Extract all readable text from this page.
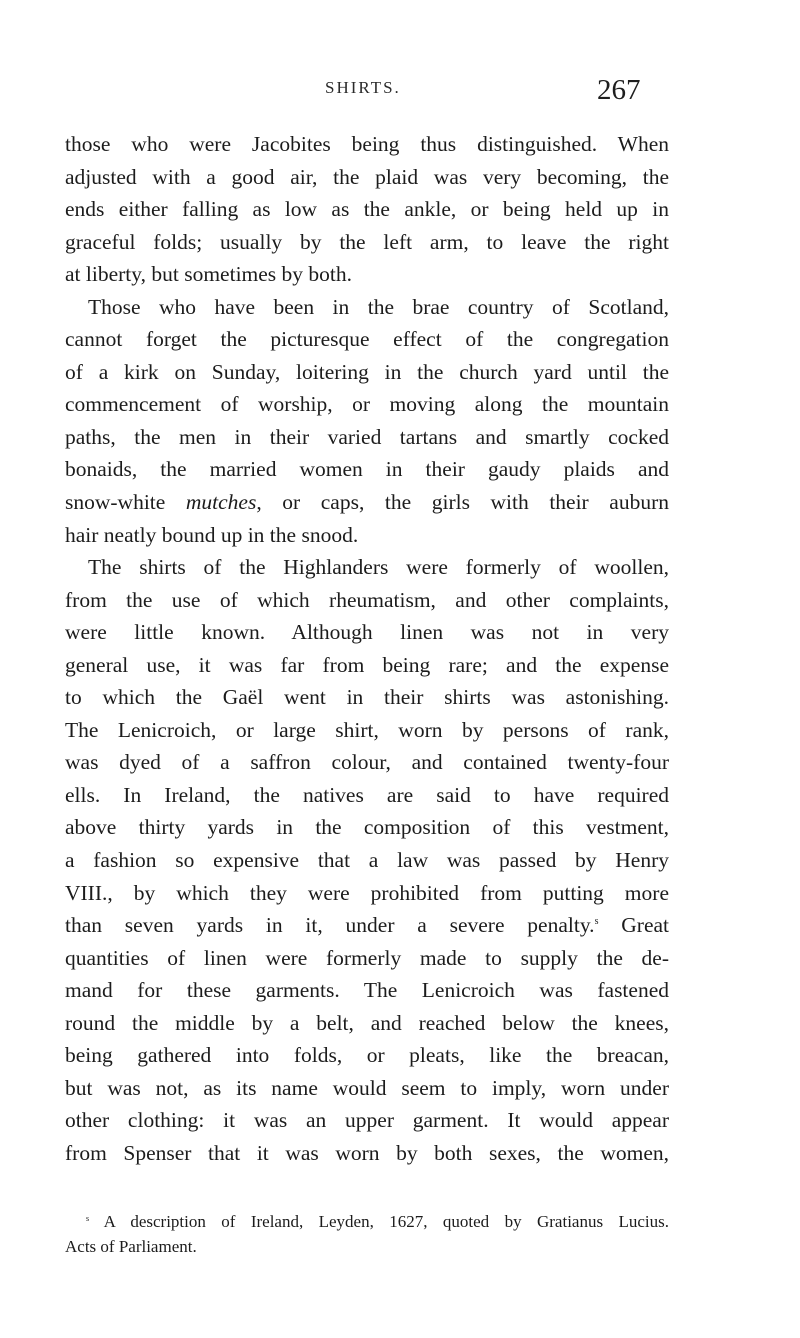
SHIRTS.	267
those who were Jacobites being thus distinguished. When
adjusted with a good air, the plaid was very becoming, the
ends either falling as low as the ankle, or being held up in
graceful folds; usually by the left arm, to leave the right
at liberty, but sometimes by both.
Those who have been in the brae country of Scotland,
cannot forget the picturesque effect of the congregation
of a kirk on Sunday, loitering in the church yard until the
commencement of worship, or moving along the mountain
paths, the men in their varied tartans and smartly cocked
bonaids, the married women in their gaudy plaids and
snow-white mutches, or caps, the girls with their auburn
hair neatly bound up in the snood.
The shirts of the Highlanders were formerly of woollen,
from the use of which rheumatism, and other complaints,
were little known. Although linen was not in very
general use, it was far from being rare; and the expense
to which the Gaël went in their shirts was astonishing.
The Lenicroich, or large shirt, worn by persons of rank,
was dyed of a saffron colour, and contained twenty-four
ells. In Ireland, the natives are said to have required
above thirty yards in the composition of this vestment,
a fashion so expensive that a law was passed by Henry
VIII., by which they were prohibited from putting more
than seven yards in it, under a severe penalty.$^s$ Great
quantities of linen were formerly made to supply the de-
mand for these garments. The Lenicroich was fastened
round the middle by a belt, and reached below the knees,
being gathered into folds, or pleats, like the breacan,
but was not, as its name would seem to imply, worn under
other clothing: it was an upper garment. It would appear
from Spenser that it was worn by both sexes, the women,
$^s$ A description of Ireland, Leyden, 1627, quoted by Gratianus Lucius.
Acts of Parliament.
